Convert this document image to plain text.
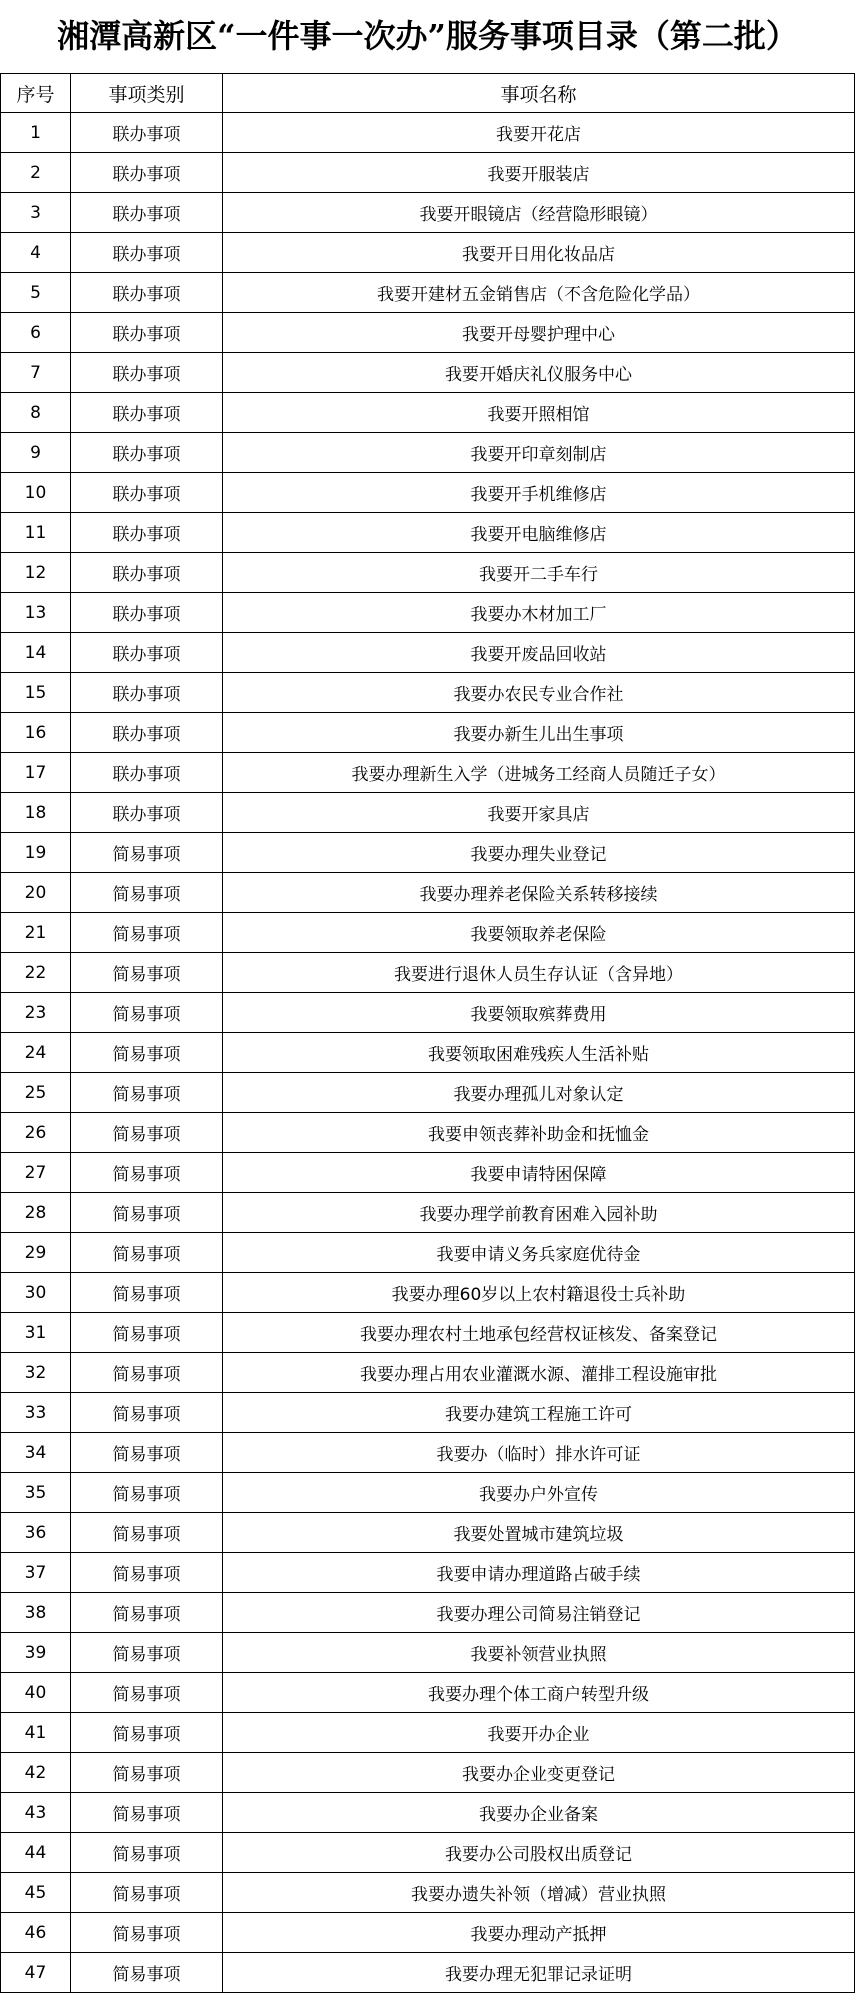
湘潭高新区“一件事一次办”服务事项目录（第二批）
序号	事项类别	事项名称
1	联办事项	我要开花店
2	联办事项	我要开服装店
3	联办事项	我要开眼镜店（经营隐形眼镜）
4	联办事项	我要开日用化妆品店
5	联办事项	我要开建材五金销售店（不含危险化学品）
6	联办事项	我要开母婴护理中心
7	联办事项	我要开婚庆礼仪服务中心
8	联办事项	我要开照相馆
9	联办事项	我要开印章刻制店
10	联办事项	我要开手机维修店
11	联办事项	我要开电脑维修店
12	联办事项	我要开二手车行
13	联办事项	我要办木材加工厂
14	联办事项	我要开废品回收站
15	联办事项	我要办农民专业合作社
16	联办事项	我要办新生儿出生事项
17	联办事项	我要办理新生入学（进城务工经商人员随迁子女）
18	联办事项	我要开家具店
19	简易事项	我要办理失业登记
20	简易事项	我要办理养老保险关系转移接续
21	简易事项	我要领取养老保险
22	简易事项	我要进行退休人员生存认证（含异地）
23	简易事项	我要领取殡葬费用
24	简易事项	我要领取困难残疾人生活补贴
25	简易事项	我要办理孤儿对象认定
26	简易事项	我要申领丧葬补助金和抚恤金
27	简易事项	我要申请特困保障
28	简易事项	我要办理学前教育困难入园补助
29	简易事项	我要申请义务兵家庭优待金
30	简易事项	我要办理60岁以上农村籍退役士兵补助
31	简易事项	我要办理农村土地承包经营权证核发、备案登记
32	简易事项	我要办理占用农业灌溉水源、灌排工程设施审批
33	简易事项	我要办建筑工程施工许可
34	简易事项	我要办（临时）排水许可证
35	简易事项	我要办户外宣传
36	简易事项	我要处置城市建筑垃圾
37	简易事项	我要申请办理道路占破手续
38	简易事项	我要办理公司简易注销登记
39	简易事项	我要补领营业执照
40	简易事项	我要办理个体工商户转型升级
41	简易事项	我要开办企业
42	简易事项	我要办企业变更登记
43	简易事项	我要办企业备案
44	简易事项	我要办公司股权出质登记
45	简易事项	我要办遗失补领（增减）营业执照
46	简易事项	我要办理动产抵押
47	简易事项	我要办理无犯罪记录证明
